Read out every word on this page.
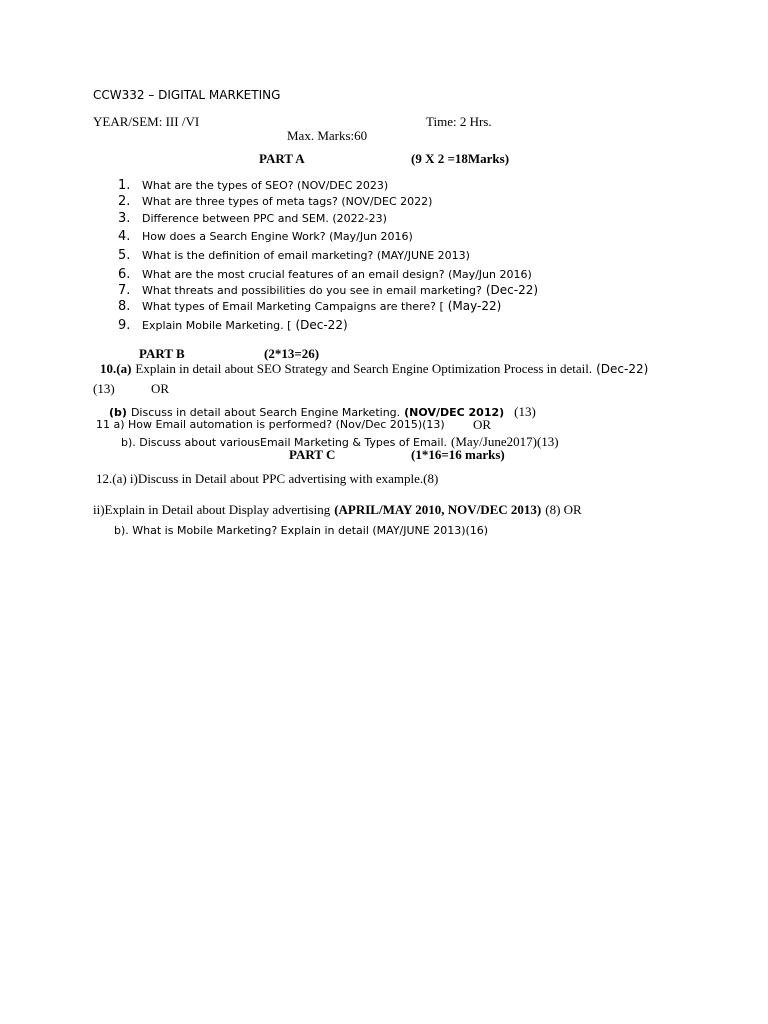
CCW332 – DIGITAL MARKETING
YEAR/SEM: III /VI	Time: 2 Hrs.
Max. Marks:60
PART A	(9 X 2 =18Marks)
1. What are the types of SEO? (NOV/DEC 2023)
2. What are three types of meta tags? (NOV/DEC 2022)
3. Difference between PPC and SEM. (2022-23)
4. How does a Search Engine Work? (May/Jun 2016)
5. What is the definition of email marketing? (MAY/JUNE 2013)
6. What are the most crucial features of an email design? (May/Jun 2016)
7. What threats and possibilities do you see in email marketing? (Dec-22)
8. What types of Email Marketing Campaigns are there? [ (May-22)
9. Explain Mobile Marketing. [ (Dec-22)
PART B	(2*13=26)
10.(a) Explain in detail about SEO Strategy and Search Engine Optimization Process in detail. (Dec-22)
(13)	OR
(b) Discuss in detail about Search Engine Marketing. (NOV/DEC 2012) (13)
11 a) How Email automation is performed? (Nov/Dec 2015)(13) OR
b). Discuss about variousEmail Marketing & Types of Email. (May/June2017)(13)
PART C	(1*16=16 marks)
12.(a) i)Discuss in Detail about PPC advertising with example.(8)
ii)Explain in Detail about Display advertising (APRIL/MAY 2010, NOV/DEC 2013) (8) OR
b). What is Mobile Marketing? Explain in detail (MAY/JUNE 2013)(16)
